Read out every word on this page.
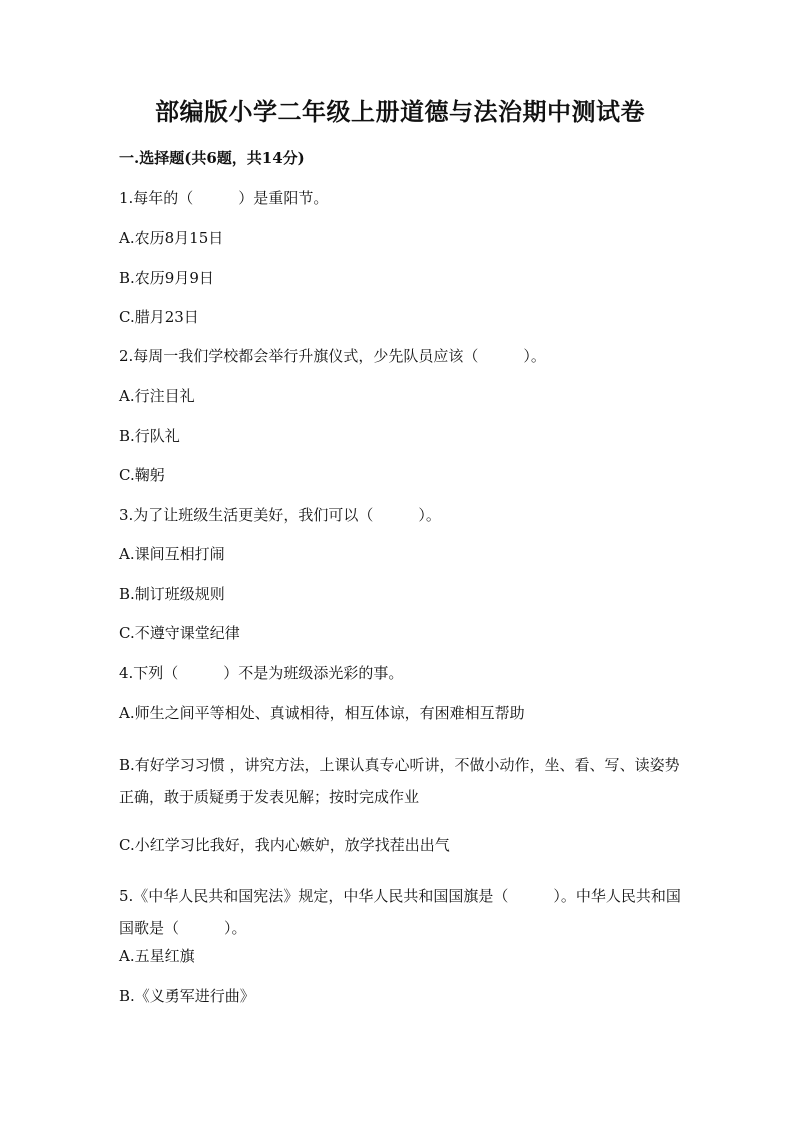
部编版小学二年级上册道德与法治期中测试卷
一.选择题(共6题，共14分)
1.每年的（　　　）是重阳节。
A.农历8月15日
B.农历9月9日
C.腊月23日
2.每周一我们学校都会举行升旗仪式，少先队员应该（　　　）。
A.行注目礼
B.行队礼
C.鞠躬
3.为了让班级生活更美好，我们可以（　　　）。
A.课间互相打闹
B.制订班级规则
C.不遵守课堂纪律
4.下列（　　　）不是为班级添光彩的事。
A.师生之间平等相处、真诚相待，相互体谅，有困难相互帮助
B.有好学习习惯 ，讲究方法，上课认真专心听讲，不做小动作，坐、看、写、读姿势正确，敢于质疑勇于发表见解；按时完成作业
C.小红学习比我好，我内心嫉妒，放学找茬出出气
5.《中华人民共和国宪法》规定，中华人民共和国国旗是（　　　）。中华人民共和国国歌是（　　　）。
A.五星红旗
B.《义勇军进行曲》
